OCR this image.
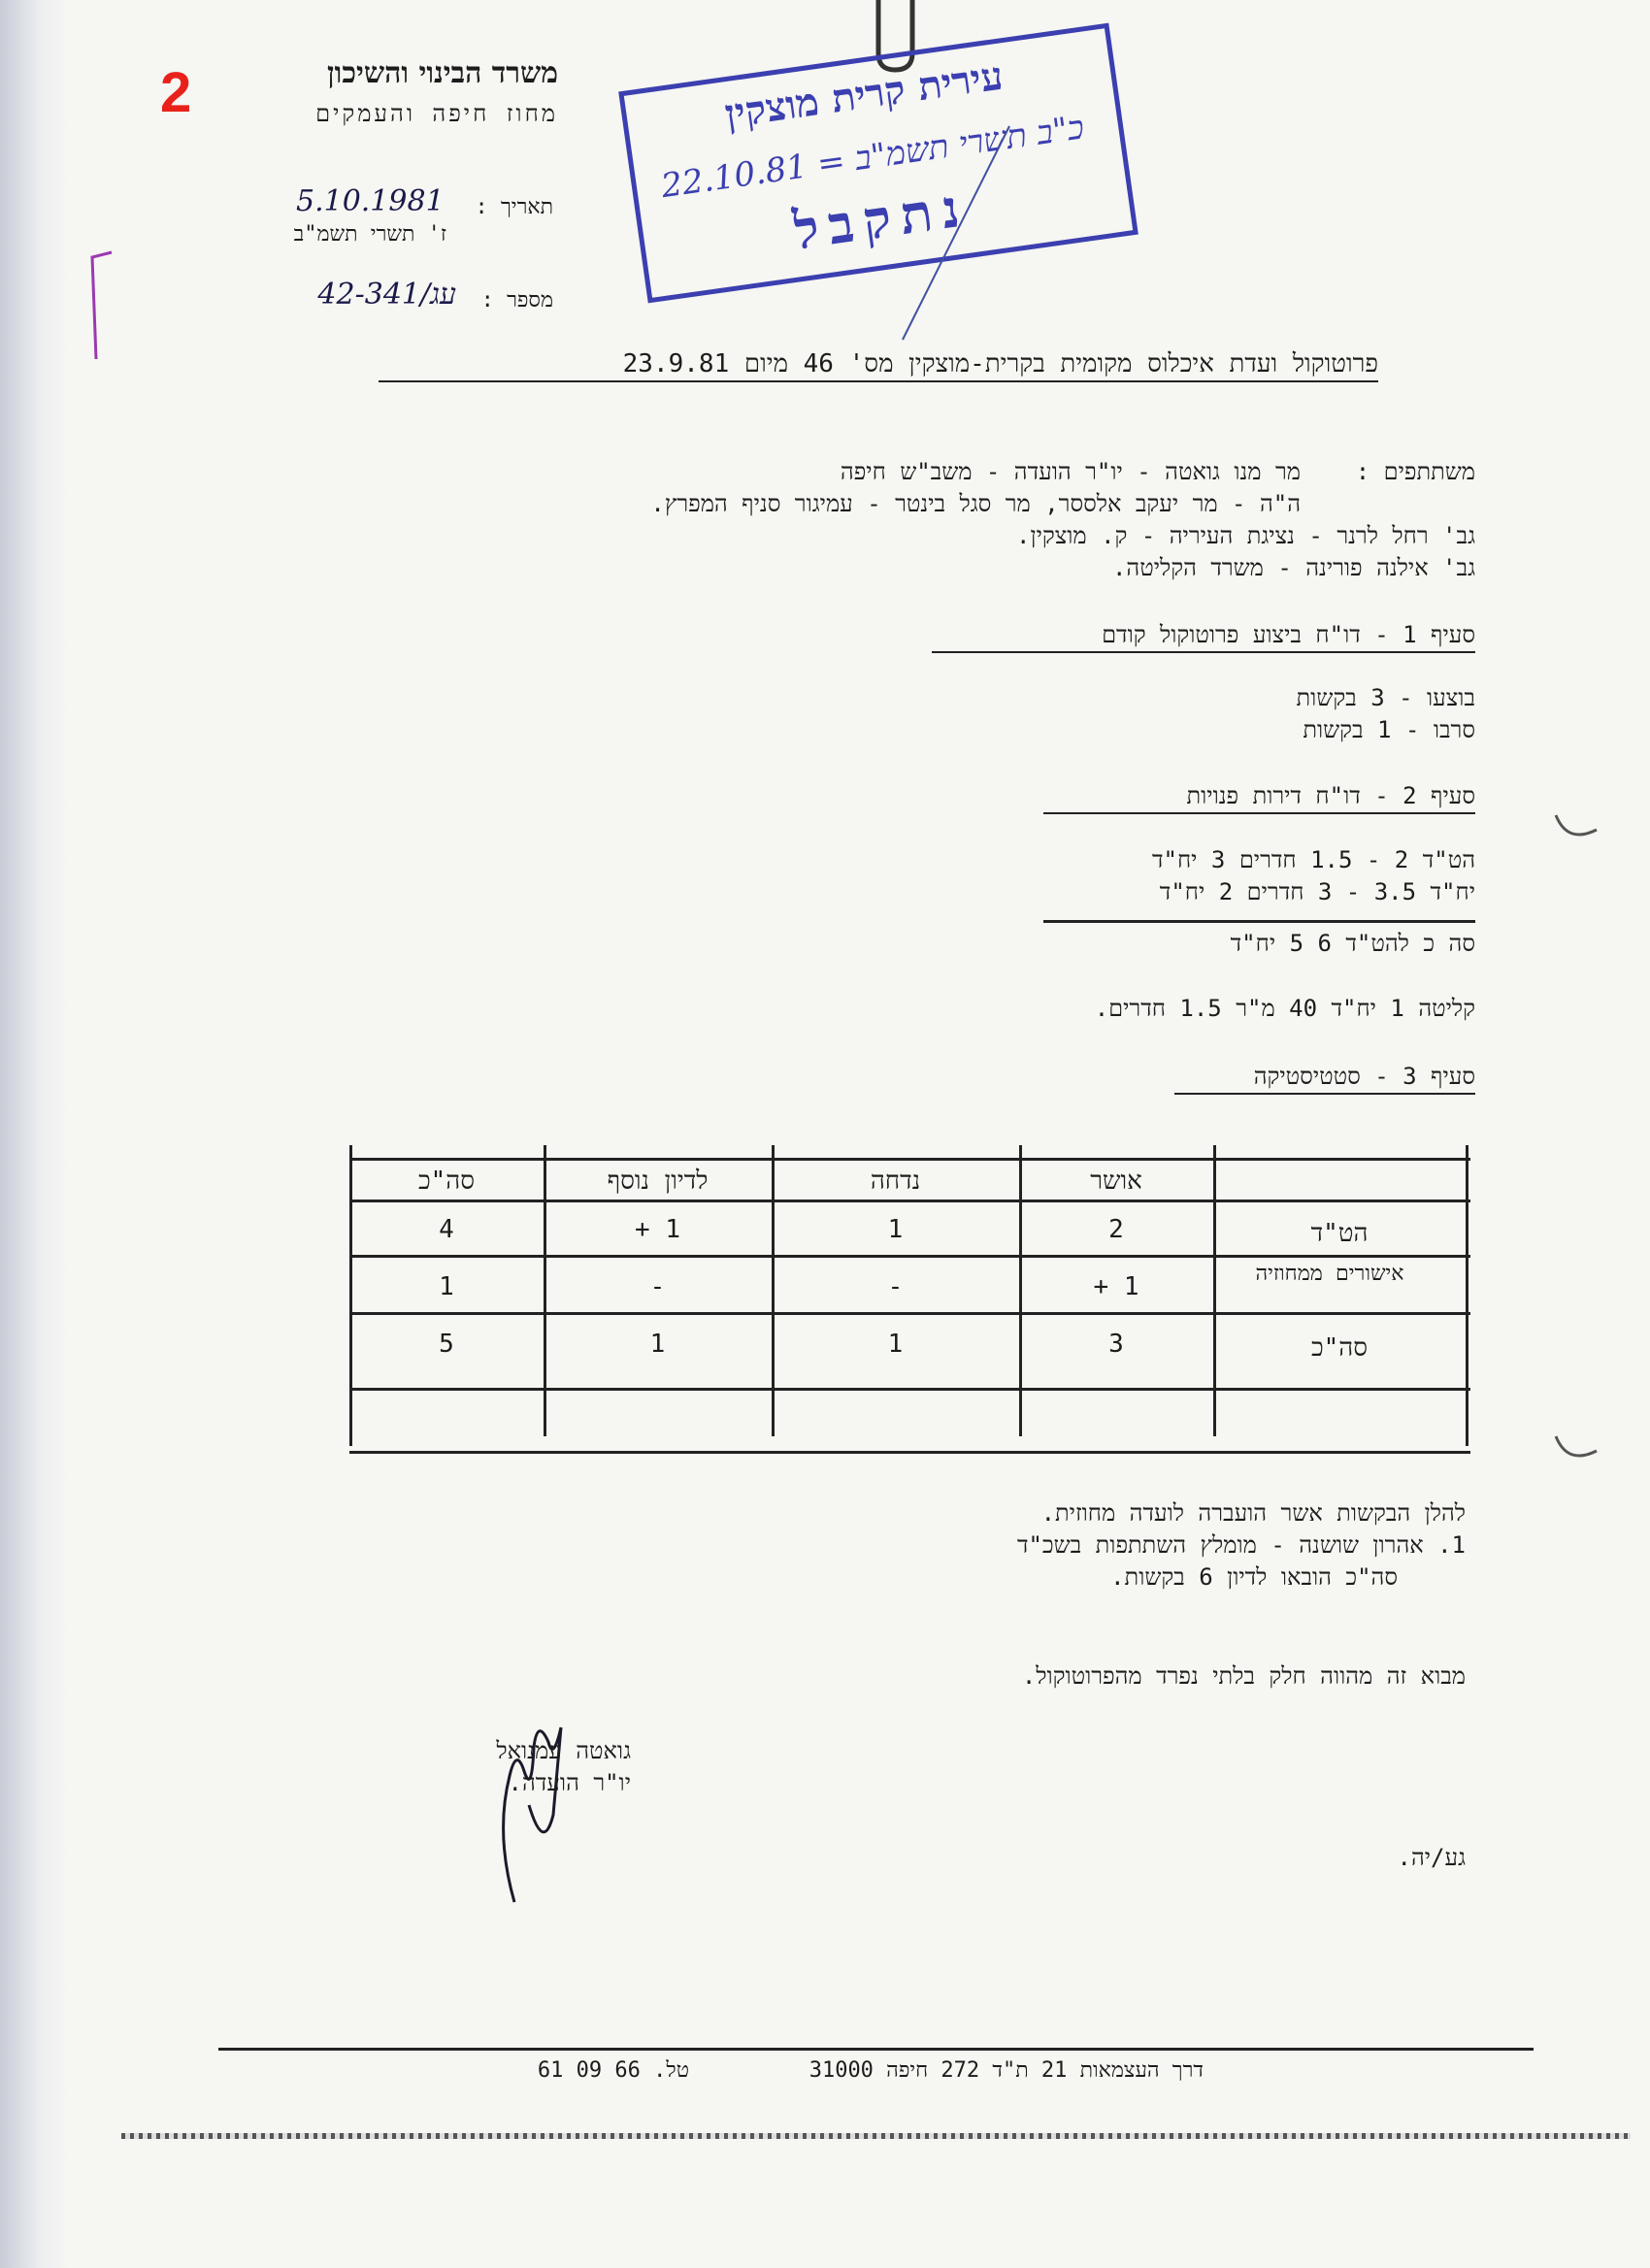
2	משרד הבינוי והשיכון
מחוז חיפה והעמקים
תאריך :
5.10.1981
ז' תשרי תשמ"ב
מספר :
עג/42-341
עירית קרית מוצקין
כ"ב תשרי תשמ"ב = 22.10.81
נתקבל
פרוטוקול ועדת איכלוס מקומית בקרית-מוצקין מס' 46 מיום 23.9.81
משתתפים :
מר מנו גואטה - יו"ר הועדה - משב"ש חיפה
ה"ה - מר יעקב אלססר, מר סגל בינטר - עמיגור סניף המפרץ.
גב' רחל לרנר - נציגת העיריה - ק. מוצקין.
גב' אילנה פורינה - משרד הקליטה.
סעיף 1 - דו"ח ביצוע פרוטוקול קודם
בוצעו - 3 בקשות
סרבו - 1 בקשות
סעיף 2 - דו"ח דירות פנויות
הט"ד 2 - 1.5 חדרים 3 יח"ד
יח"ד 3.5 - 3 חדרים 2 יח"ד
סה כ להט"ד 6 5 יח"ד
קליטה 1 יח"ד 40 מ"ר 1.5 חדרים.
סעיף 3 - סטטיסטיקה
סה"כ	לדיון נוסף	נדחה	אושר
4	1 +	1	2	הט"ד
1	-	-	1 +	אישורים ממחוזיה
5	1	1	3	סה"כ
להלן הבקשות אשר הועברה לועדה מחוזית.
1. אהרון שושנה - מומלץ השתתפות בשכ"ד
סה"כ הובאו לדיון 6 בקשות.
מבוא זה מהווה חלק בלתי נפרד מהפרוטוקול.
גואטה עמנואל
יו"ר הועדה.
גע/יה.
דרך העצמאות 21 ת"ד 272 חיפה 31000
טל. 66 09 61
